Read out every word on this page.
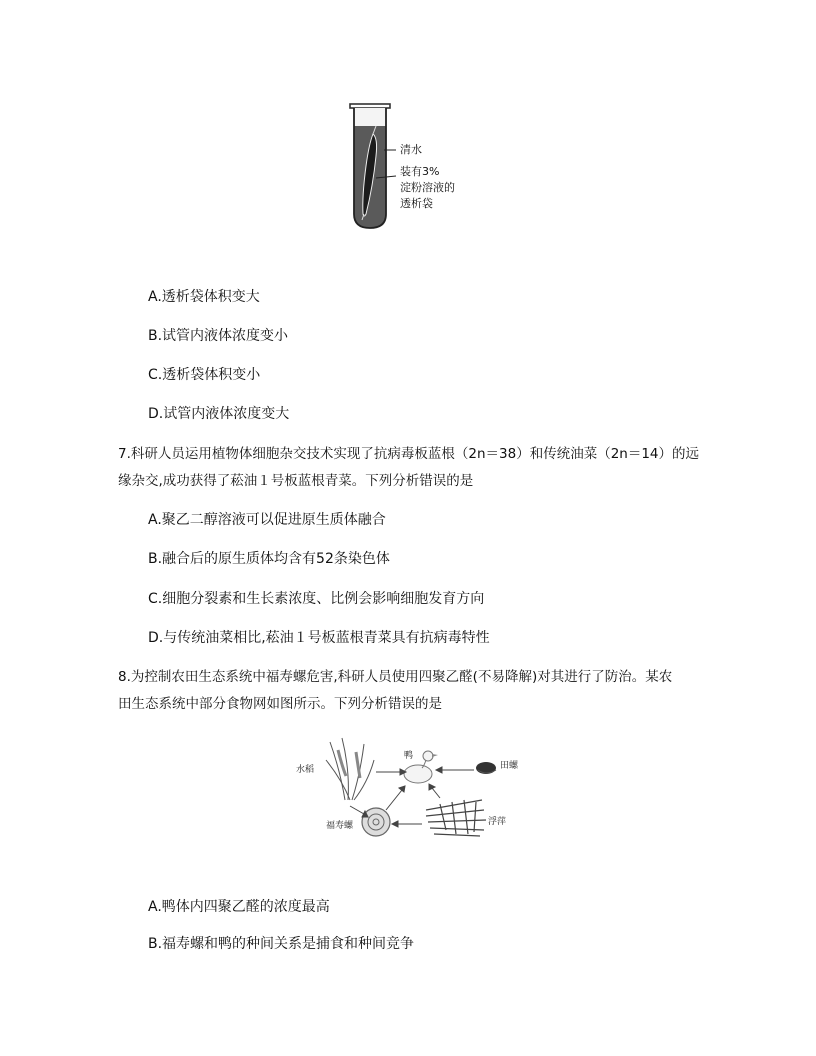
清水
装有3%
淀粉溶液的
透析袋
A.透析袋体积变大
B.试管内液体浓度变小
C.透析袋体积变小
D.试管内液体浓度变大
7.科研人员运用植物体细胞杂交技术实现了抗病毒板蓝根（2n＝38）和传统油菜（2n＝14）的远
缘杂交,成功获得了菘油１号板蓝根青菜。下列分析错误的是
A.聚乙二醇溶液可以促进原生质体融合
B.融合后的原生质体均含有52条染色体
C.细胞分裂素和生长素浓度、比例会影响细胞发育方向
D.与传统油菜相比,菘油１号板蓝根青菜具有抗病毒特性
8.为控制农田生态系统中福寿螺危害,科研人员使用四聚乙醛(不易降解)对其进行了防治。某农
田生态系统中部分食物网如图所示。下列分析错误的是
水稻
鸭
田螺
福寿螺	浮萍
A.鸭体内四聚乙醛的浓度最高
B.福寿螺和鸭的种间关系是捕食和种间竞争
